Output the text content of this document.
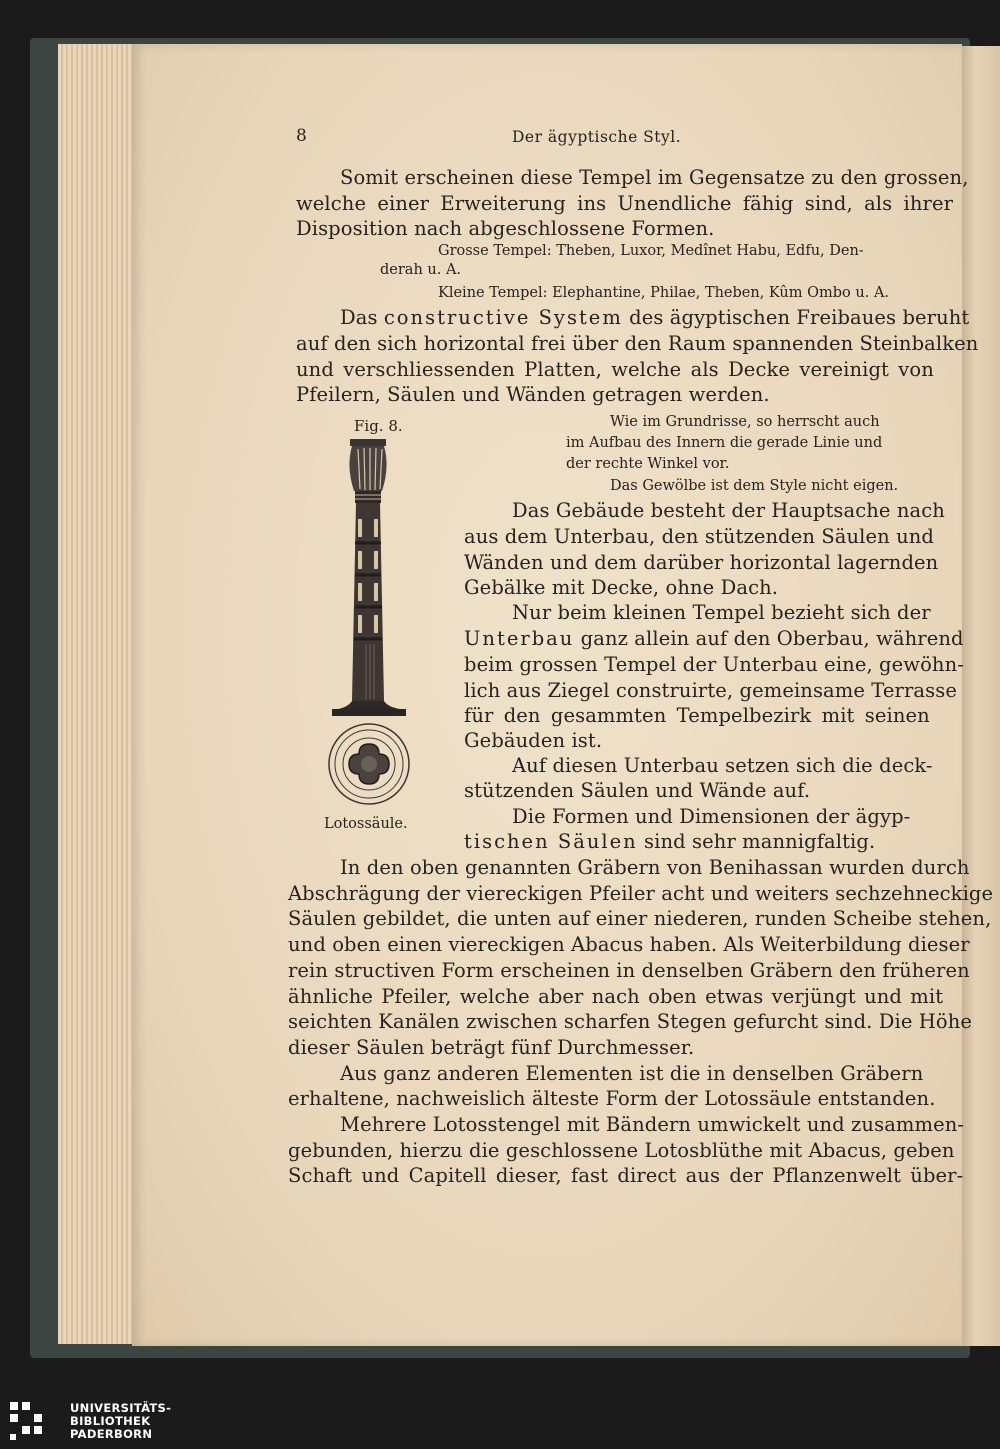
8	Der ägyptische Styl.
Somit erscheinen diese Tempel im Gegensatze zu den grossen,
welche einer Erweiterung ins Unendliche fähig sind, als ihrer
Disposition nach abgeschlossene Formen.
Grosse Tempel: Theben, Luxor, Medînet Habu, Edfu, Den-
derah u. A.
Kleine Tempel: Elephantine, Philae, Theben, Kûm Ombo u. A.
Das constructive System des ägyptischen Freibaues beruht
auf den sich horizontal frei über den Raum spannenden Steinbalken
und verschliessenden Platten, welche als Decke vereinigt von
Pfeilern, Säulen und Wänden getragen werden.
Fig. 8.	Wie im Grundrisse, so herrscht auch
im Aufbau des Innern die gerade Linie und
der rechte Winkel vor.
Das Gewölbe ist dem Style nicht eigen.
Das Gebäude besteht der Hauptsache nach
aus dem Unterbau, den stützenden Säulen und
Wänden und dem darüber horizontal lagernden
Gebälke mit Decke, ohne Dach.
Nur beim kleinen Tempel bezieht sich der
Unterbau ganz allein auf den Oberbau, während
beim grossen Tempel der Unterbau eine, gewöhn-
lich aus Ziegel construirte, gemeinsame Terrasse
für den gesammten Tempelbezirk mit seinen
Gebäuden ist.
Auf diesen Unterbau setzen sich die deck-
stützenden Säulen und Wände auf.
Lotossäule.	Die Formen und Dimensionen der ägyp-
tischen Säulen sind sehr mannigfaltig.
In den oben genannten Gräbern von Benihassan wurden durch
Abschrägung der viereckigen Pfeiler acht und weiters sechzehneckige
Säulen gebildet, die unten auf einer niederen, runden Scheibe stehen,
und oben einen viereckigen Abacus haben. Als Weiterbildung dieser
rein structiven Form erscheinen in denselben Gräbern den früheren
ähnliche Pfeiler, welche aber nach oben etwas verjüngt und mit
seichten Kanälen zwischen scharfen Stegen gefurcht sind. Die Höhe
dieser Säulen beträgt fünf Durchmesser.
Aus ganz anderen Elementen ist die in denselben Gräbern
erhaltene, nachweislich älteste Form der Lotossäule entstanden.
Mehrere Lotosstengel mit Bändern umwickelt und zusammen-
gebunden, hierzu die geschlossene Lotosblüthe mit Abacus, geben
Schaft und Capitell dieser, fast direct aus der Pflanzenwelt über-
UNIVERSITÄTS-
BIBLIOTHEK
PADERBORN
